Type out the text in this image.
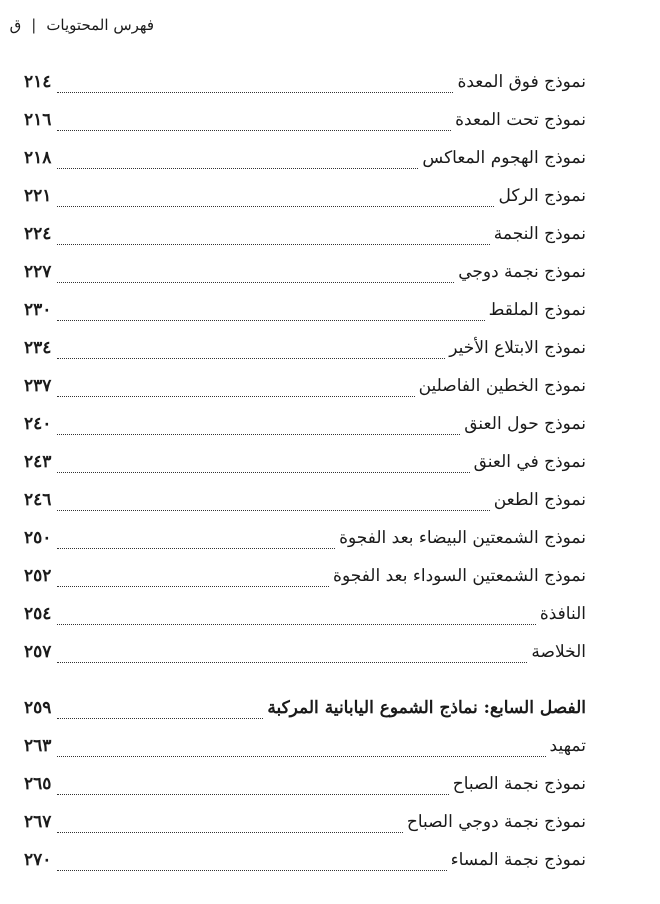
فهرس المحتويات
|
ق
نموذج فوق المعدة
٢١٤
نموذج تحت المعدة
٢١٦
نموذج الهجوم المعاكس
٢١٨
نموذج الركل
٢٢١
نموذج النجمة
٢٢٤
نموذج نجمة دوجي
٢٢٧
نموذج الملقط
٢٣٠
نموذج الابتلاع الأخير
٢٣٤
نموذج الخطين الفاصلين
٢٣٧
نموذج حول العنق
٢٤٠
نموذج في العنق
٢٤٣
نموذج الطعن
٢٤٦
نموذج الشمعتين البيضاء بعد الفجوة
٢٥٠
نموذج الشمعتين السوداء بعد الفجوة
٢٥٢
النافذة
٢٥٤
الخلاصة
٢٥٧
الفصل السابع: نماذج الشموع اليابانية المركبة
٢٥٩
تمهيد
٢٦٣
نموذج نجمة الصباح
٢٦٥
نموذج نجمة دوجي الصباح
٢٦٧
نموذج نجمة المساء
٢٧٠
